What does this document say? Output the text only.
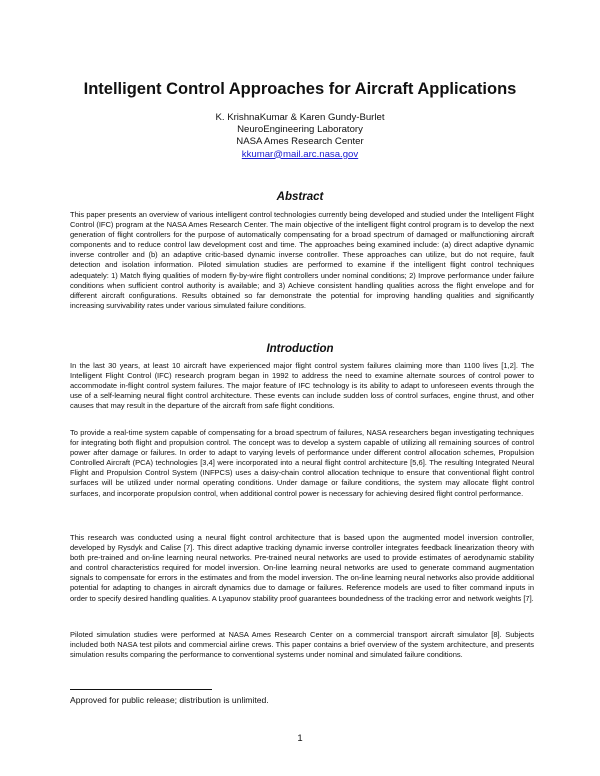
Intelligent Control Approaches for Aircraft Applications
K. KrishnaKumar & Karen Gundy-Burlet
NeuroEngineering Laboratory
NASA Ames Research Center
kkumar@mail.arc.nasa.gov
Abstract

This paper presents an overview of various intelligent control technologies currently being developed and studied under the Intelligent Flight Control (IFC) program at the NASA Ames Research Center. The main objective of the intelligent flight control program is to develop the next generation of flight controllers for the purpose of automatically compensating for a broad spectrum of damaged or malfunctioning aircraft components and to reduce control law development cost and time. The approaches being examined include: (a) direct adaptive dynamic inverse controller and (b) an adaptive critic-based dynamic inverse controller. These approaches can utilize, but do not require, fault detection and isolation information. Piloted simulation studies are performed to examine if the intelligent flight control techniques adequately: 1) Match flying qualities of modern fly-by-wire flight controllers under nominal conditions; 2) Improve performance under failure conditions when sufficient control authority is available; and 3) Achieve consistent handling qualities across the flight envelope and for different aircraft configurations. Results obtained so far demonstrate the potential for improving handling qualities and significantly increasing survivability rates under various simulated failure conditions.

Introduction

In the last 30 years, at least 10 aircraft have experienced major flight control system failures claiming more than 1100 lives [1,2]. The Intelligent Flight Control (IFC) research program began in 1992 to address the need to examine alternate sources of control power to accommodate in-flight control system failures. The major feature of IFC technology is its ability to adapt to unforeseen events through the use of a self-learning neural flight control architecture. These events can include sudden loss of control surfaces, engine thrust, and other causes that may result in the departure of the aircraft from safe flight conditions.

To provide a real-time system capable of compensating for a broad spectrum of failures, NASA researchers began investigating techniques for integrating both flight and propulsion control. The concept was to develop a system capable of utilizing all remaining sources of control power after damage or failures. In order to adapt to varying levels of performance under different control allocation schemes, Propulsion Controlled Aircraft (PCA) technologies [3,4] were incorporated into a neural flight control architecture [5,6]. The resulting Integrated Neural Flight and Propulsion Control System (INFPCS) uses a daisy-chain control allocation technique to ensure that conventional flight control surfaces will be utilized under normal operating conditions. Under damage or failure conditions, the system may allocate flight control surfaces, and incorporate propulsion control, when additional control power is necessary for achieving desired flight control performance.

This research was conducted using a neural flight control architecture that is based upon the augmented model inversion controller, developed by Rysdyk and Calise [7]. This direct adaptive tracking dynamic inverse controller integrates feedback linearization theory with both pre-trained and on-line learning neural networks. Pre-trained neural networks are used to provide estimates of aerodynamic stability and control characteristics required for model inversion. On-line learning neural networks are used to generate command augmentation signals to compensate for errors in the estimates and from the model inversion. The on-line learning neural networks also provide additional potential for adapting to changes in aircraft dynamics due to damage or failures. Reference models are used to filter command inputs in order to specify desired handling qualities. A Lyapunov stability proof guarantees boundedness of the tracking error and network weights [7].

Piloted simulation studies were performed at NASA Ames Research Center on a commercial transport aircraft simulator [8]. Subjects included both NASA test pilots and commercial airline crews. This paper contains a brief overview of the system architecture, and presents simulation results comparing the performance to conventional systems under nominal and simulated failure conditions.

Approved for public release; distribution is unlimited.
1
